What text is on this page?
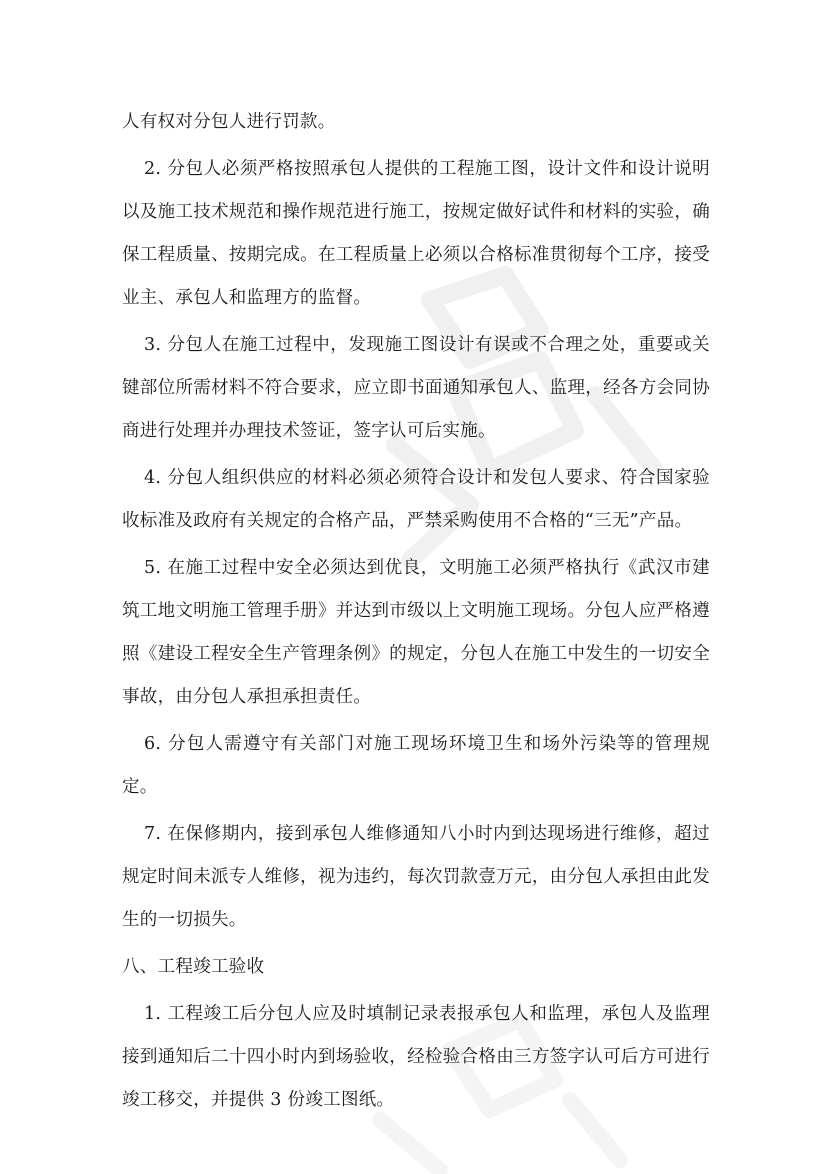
人有权对分包人进行罚款。

2. 分包人必须严格按照承包人提供的工程施工图，设计文件和设计说明以及施工技术规范和操作规范进行施工，按规定做好试件和材料的实验，确保工程质量、按期完成。在工程质量上必须以合格标准贯彻每个工序，接受业主、承包人和监理方的监督。

3. 分包人在施工过程中，发现施工图设计有误或不合理之处，重要或关键部位所需材料不符合要求，应立即书面通知承包人、监理，经各方会同协商进行处理并办理技术签证，签字认可后实施。

4. 分包人组织供应的材料必须必须符合设计和发包人要求、符合国家验收标准及政府有关规定的合格产品，严禁采购使用不合格的“三无”产品。

5. 在施工过程中安全必须达到优良，文明施工必须严格执行《武汉市建筑工地文明施工管理手册》并达到市级以上文明施工现场。分包人应严格遵照《建设工程安全生产管理条例》的规定，分包人在施工中发生的一切安全事故，由分包人承担承担责任。

6. 分包人需遵守有关部门对施工现场环境卫生和场外污染等的管理规定。

7. 在保修期内，接到承包人维修通知八小时内到达现场进行维修，超过规定时间未派专人维修，视为违约，每次罚款壹万元，由分包人承担由此发生的一切损失。

八、工程竣工验收

1. 工程竣工后分包人应及时填制记录表报承包人和监理，承包人及监理接到通知后二十四小时内到场验收，经检验合格由三方签字认可后方可进行竣工移交，并提供 3 份竣工图纸。
